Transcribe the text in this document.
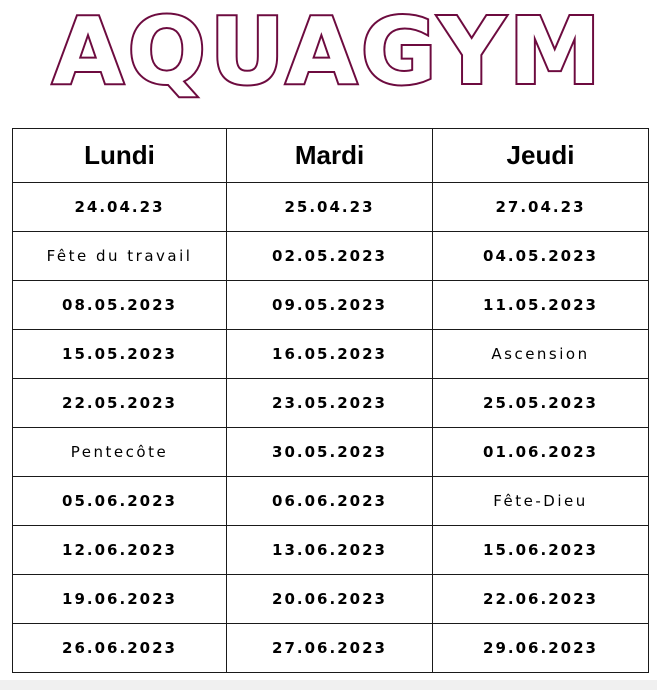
AQUAGYM
Lundi	Mardi	Jeudi
24.04.23	25.04.23	27.04.23
Fête du travail	02.05.2023	04.05.2023
08.05.2023	09.05.2023	11.05.2023
15.05.2023	16.05.2023	Ascension
22.05.2023	23.05.2023	25.05.2023
Pentecôte	30.05.2023	01.06.2023
05.06.2023	06.06.2023	Fête-Dieu
12.06.2023	13.06.2023	15.06.2023
19.06.2023	20.06.2023	22.06.2023
26.06.2023	27.06.2023	29.06.2023
